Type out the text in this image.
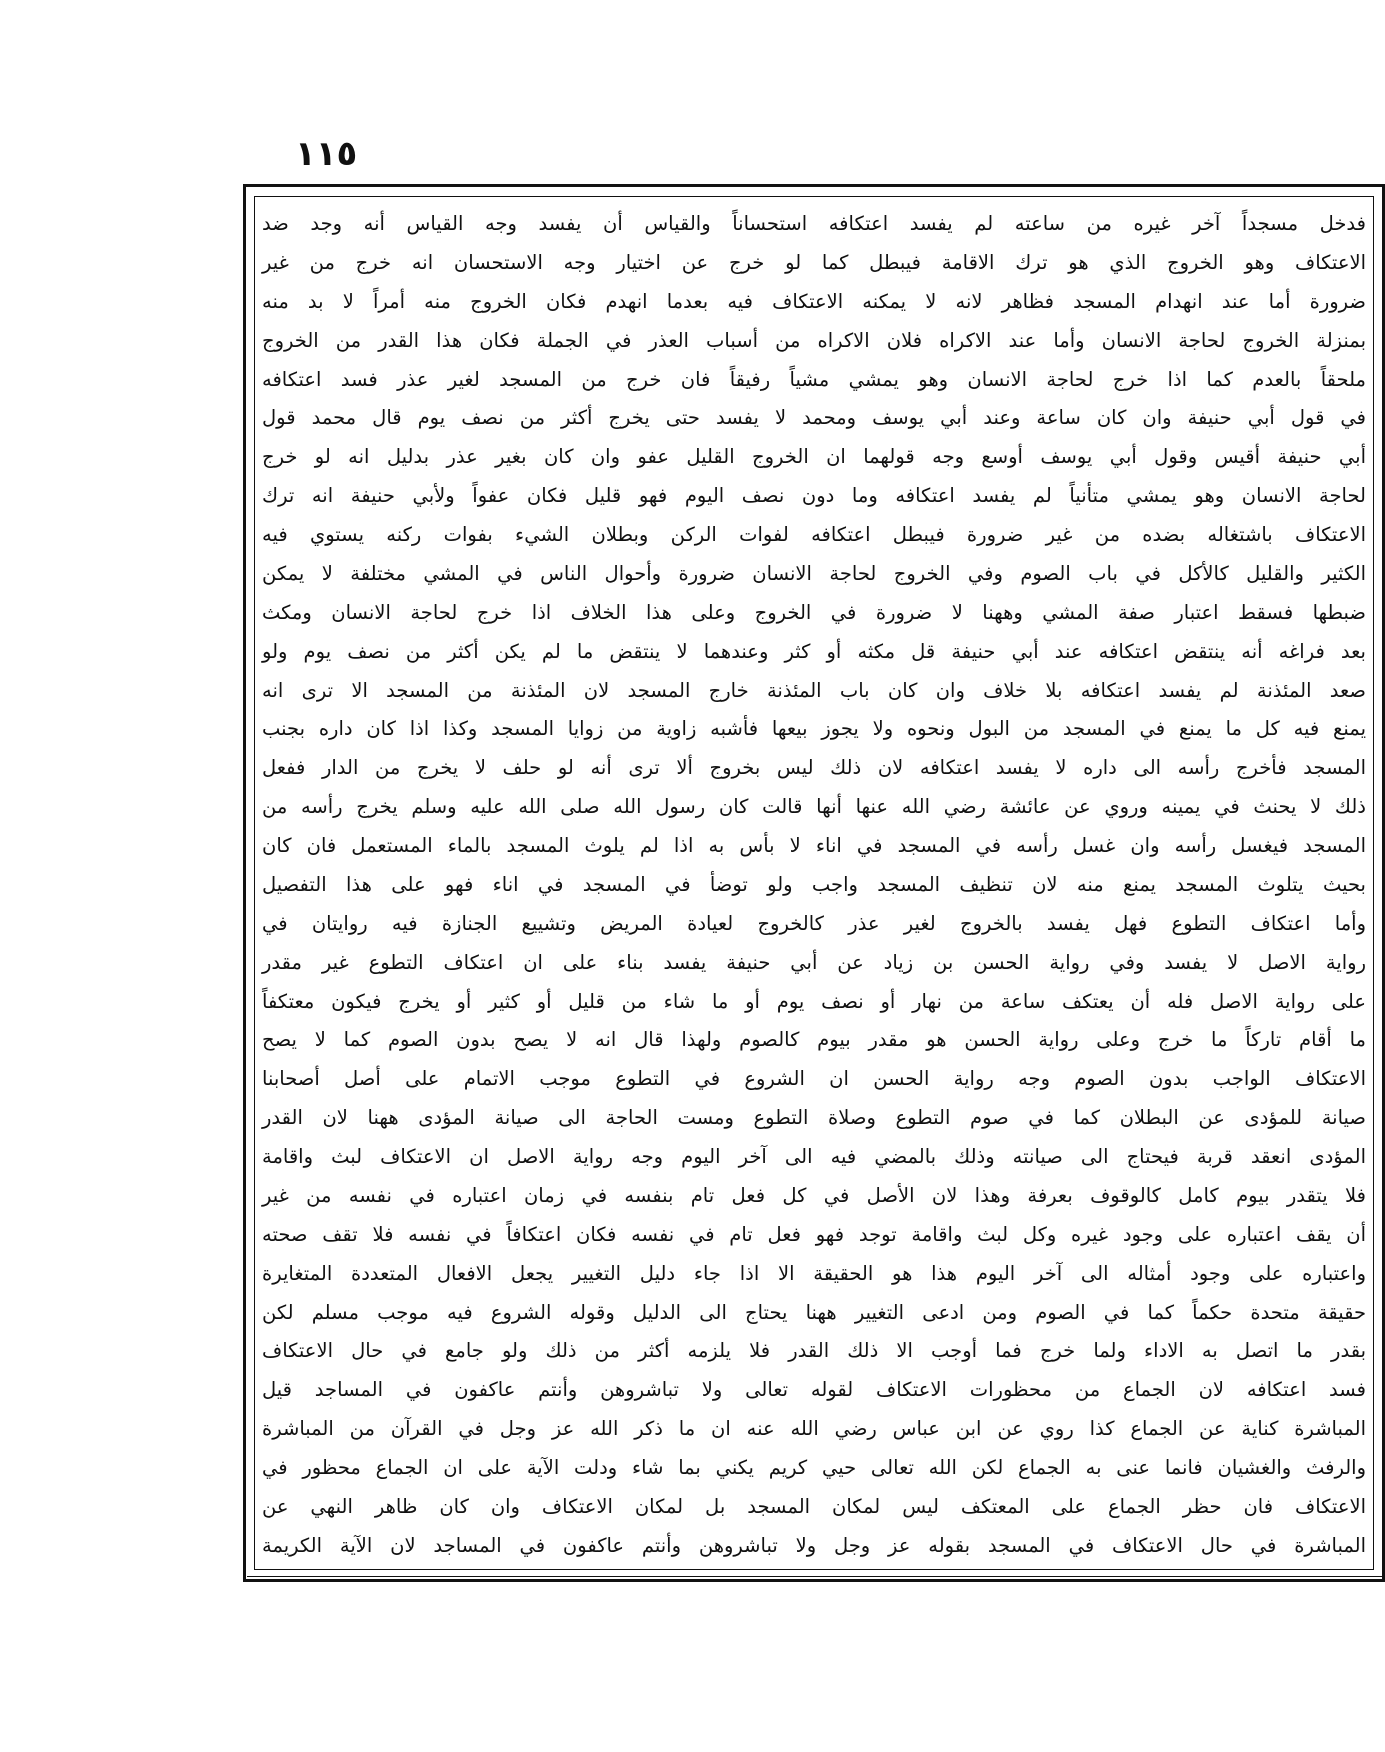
١١٥
فدخل مسجداً آخر غيره من ساعته لم يفسد اعتكافه استحساناً والقياس أن يفسد وجه القياس أنه وجد ضد
الاعتكاف وهو الخروج الذي هو ترك الاقامة فيبطل كما لو خرج عن اختيار وجه الاستحسان انه خرج من غير
ضرورة أما عند انهدام المسجد فظاهر لانه لا يمكنه الاعتكاف فيه بعدما انهدم فكان الخروج منه أمراً لا بد منه
بمنزلة الخروج لحاجة الانسان وأما عند الاكراه فلان الاكراه من أسباب العذر في الجملة فكان هذا القدر من الخروج
ملحقاً بالعدم كما اذا خرج لحاجة الانسان وهو يمشي مشياً رفيقاً فان خرج من المسجد لغير عذر فسد اعتكافه
في قول أبي حنيفة وان كان ساعة وعند أبي يوسف ومحمد لا يفسد حتى يخرج أكثر من نصف يوم قال محمد قول
أبي حنيفة أقيس وقول أبي يوسف أوسع وجه قولهما ان الخروج القليل عفو وان كان بغير عذر بدليل انه لو خرج
لحاجة الانسان وهو يمشي متأنياً لم يفسد اعتكافه وما دون نصف اليوم فهو قليل فكان عفواً ولأبي حنيفة انه ترك
الاعتكاف باشتغاله بضده من غير ضرورة فيبطل اعتكافه لفوات الركن وبطلان الشيء بفوات ركنه يستوي فيه
الكثير والقليل كالأكل في باب الصوم وفي الخروج لحاجة الانسان ضرورة وأحوال الناس في المشي مختلفة لا يمكن
ضبطها فسقط اعتبار صفة المشي وههنا لا ضرورة في الخروج وعلى هذا الخلاف اذا خرج لحاجة الانسان ومكث
بعد فراغه أنه ينتقض اعتكافه عند أبي حنيفة قل مكثه أو كثر وعندهما لا ينتقض ما لم يكن أكثر من نصف يوم ولو
صعد المئذنة لم يفسد اعتكافه بلا خلاف وان كان باب المئذنة خارج المسجد لان المئذنة من المسجد الا ترى انه
يمنع فيه كل ما يمنع في المسجد من البول ونحوه ولا يجوز بيعها فأشبه زاوية من زوايا المسجد وكذا اذا كان داره بجنب
المسجد فأخرج رأسه الى داره لا يفسد اعتكافه لان ذلك ليس بخروج ألا ترى أنه لو حلف لا يخرج من الدار ففعل
ذلك لا يحنث في يمينه وروي عن عائشة رضي الله عنها أنها قالت كان رسول الله صلى الله عليه وسلم يخرج رأسه من
المسجد فيغسل رأسه وان غسل رأسه في المسجد في اناء لا بأس به اذا لم يلوث المسجد بالماء المستعمل فان كان
بحيث يتلوث المسجد يمنع منه لان تنظيف المسجد واجب ولو توضأ في المسجد في اناء فهو على هذا التفصيل
وأما اعتكاف التطوع فهل يفسد بالخروج لغير عذر كالخروج لعيادة المريض وتشييع الجنازة فيه روايتان في
رواية الاصل لا يفسد وفي رواية الحسن بن زياد عن أبي حنيفة يفسد بناء على ان اعتكاف التطوع غير مقدر
على رواية الاصل فله أن يعتكف ساعة من نهار أو نصف يوم أو ما شاء من قليل أو كثير أو يخرج فيكون معتكفاً
ما أقام تاركاً ما خرج وعلى رواية الحسن هو مقدر بيوم كالصوم ولهذا قال انه لا يصح بدون الصوم كما لا يصح
الاعتكاف الواجب بدون الصوم وجه رواية الحسن ان الشروع في التطوع موجب الاتمام على أصل أصحابنا
صيانة للمؤدى عن البطلان كما في صوم التطوع وصلاة التطوع ومست الحاجة الى صيانة المؤدى ههنا لان القدر
المؤدى انعقد قربة فيحتاج الى صيانته وذلك بالمضي فيه الى آخر اليوم وجه رواية الاصل ان الاعتكاف لبث واقامة
فلا يتقدر بيوم كامل كالوقوف بعرفة وهذا لان الأصل في كل فعل تام بنفسه في زمان اعتباره في نفسه من غير
أن يقف اعتباره على وجود غيره وكل لبث واقامة توجد فهو فعل تام في نفسه فكان اعتكافاً في نفسه فلا تقف صحته
واعتباره على وجود أمثاله الى آخر اليوم هذا هو الحقيقة الا اذا جاء دليل التغيير يجعل الافعال المتعددة المتغايرة
حقيقة متحدة حكماً كما في الصوم ومن ادعى التغيير ههنا يحتاج الى الدليل وقوله الشروع فيه موجب مسلم لكن
بقدر ما اتصل به الاداء ولما خرج فما أوجب الا ذلك القدر فلا يلزمه أكثر من ذلك ولو جامع في حال الاعتكاف
فسد اعتكافه لان الجماع من محظورات الاعتكاف لقوله تعالى ولا تباشروهن وأنتم عاكفون في المساجد قيل
المباشرة كناية عن الجماع كذا روي عن ابن عباس رضي الله عنه ان ما ذكر الله عز وجل في القرآن من المباشرة
والرفث والغشيان فانما عنى به الجماع لكن الله تعالى حيي كريم يكني بما شاء ودلت الآية على ان الجماع محظور في
الاعتكاف فان حظر الجماع على المعتكف ليس لمكان المسجد بل لمكان الاعتكاف وان كان ظاهر النهي عن
المباشرة في حال الاعتكاف في المسجد بقوله عز وجل ولا تباشروهن وأنتم عاكفون في المساجد لان الآية الكريمة
